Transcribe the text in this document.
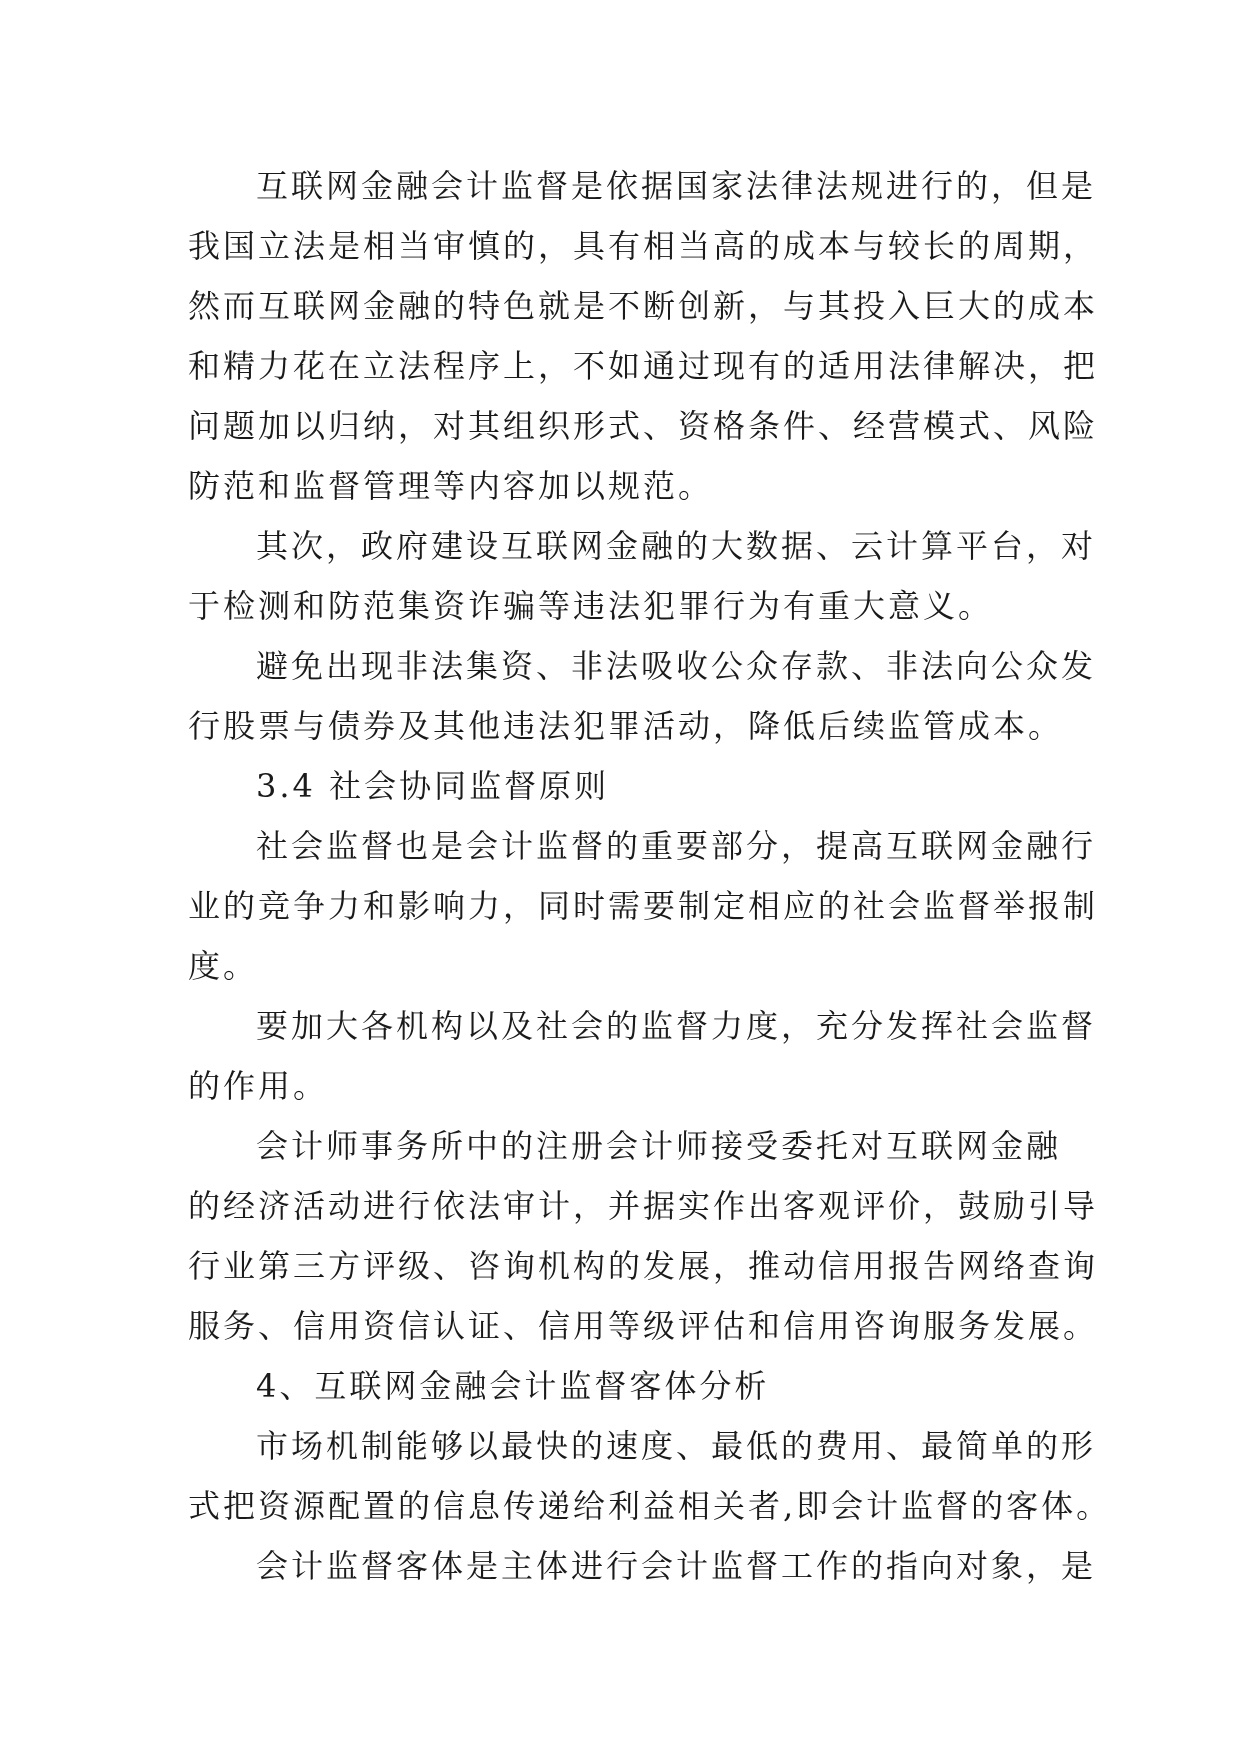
互联网金融会计监督是依据国家法律法规进行的，但是
我国立法是相当审慎的，具有相当高的成本与较长的周期，
然而互联网金融的特色就是不断创新，与其投入巨大的成本
和精力花在立法程序上，不如通过现有的适用法律解决，把
问题加以归纳，对其组织形式、资格条件、经营模式、风险
防范和监督管理等内容加以规范。
其次，政府建设互联网金融的大数据、云计算平台，对
于检测和防范集资诈骗等违法犯罪行为有重大意义。
避免出现非法集资、非法吸收公众存款、非法向公众发
行股票与债券及其他违法犯罪活动，降低后续监管成本。
3.4 社会协同监督原则
社会监督也是会计监督的重要部分，提高互联网金融行
业的竞争力和影响力，同时需要制定相应的社会监督举报制
度。
要加大各机构以及社会的监督力度，充分发挥社会监督
的作用。
会计师事务所中的注册会计师接受委托对互联网金融
的经济活动进行依法审计，并据实作出客观评价，鼓励引导
行业第三方评级、咨询机构的发展，推动信用报告网络查询
服务、信用资信认证、信用等级评估和信用咨询服务发展。
4、互联网金融会计监督客体分析
市场机制能够以最快的速度、最低的费用、最简单的形
式把资源配置的信息传递给利益相关者,即会计监督的客体。
会计监督客体是主体进行会计监督工作的指向对象，是
